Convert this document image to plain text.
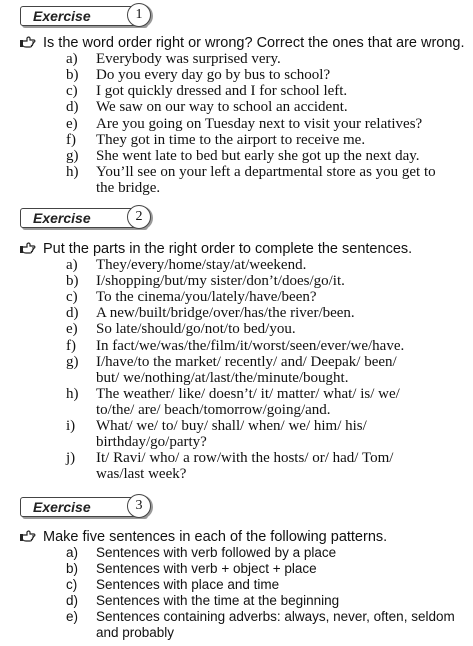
Exercise	1
Is the word order right or wrong? Correct the ones that are wrong.
a)	Everybody was surprised very.
b)	Do you every day go by bus to school?
c)	I got quickly dressed and I for school left.
d)	We saw on our way to school an accident.
e)	Are you going on Tuesday next to visit your relatives?
f)	They got in time to the airport to receive me.
g)	She went late to bed but early she got up the next day.
h)	You’ll see on your left a departmental store as you get to
the bridge.
Exercise	2
Put the parts in the right order to complete the sentences.
a)	They/every/home/stay/at/weekend.
b)	I/shopping/but/my sister/don’t/does/go/it.
c)	To the cinema/you/lately/have/been?
d)	A new/built/bridge/over/has/the river/been.
e)	So late/should/go/not/to bed/you.
f)	In fact/we/was/the/film/it/worst/seen/ever/we/have.
g)	I/have/to the market/ recently/ and/ Deepak/ been/
but/ we/nothing/at/last/the/minute/bought.
h)	The weather/ like/ doesn’t/ it/ matter/ what/ is/ we/
to/the/ are/ beach/tomorrow/going/and.
i)	What/ we/ to/ buy/ shall/ when/ we/ him/ his/
birthday/go/party?
j)	It/ Ravi/ who/ a row/with the hosts/ or/ had/ Tom/
was/last week?
Exercise	3
Make five sentences in each of the following patterns.
a)	Sentences with verb followed by a place
b)	Sentences with verb + object + place
c)	Sentences with place and time
d)	Sentences with the time at the beginning
e)	Sentences containing adverbs: always, never, often, seldom
and probably
